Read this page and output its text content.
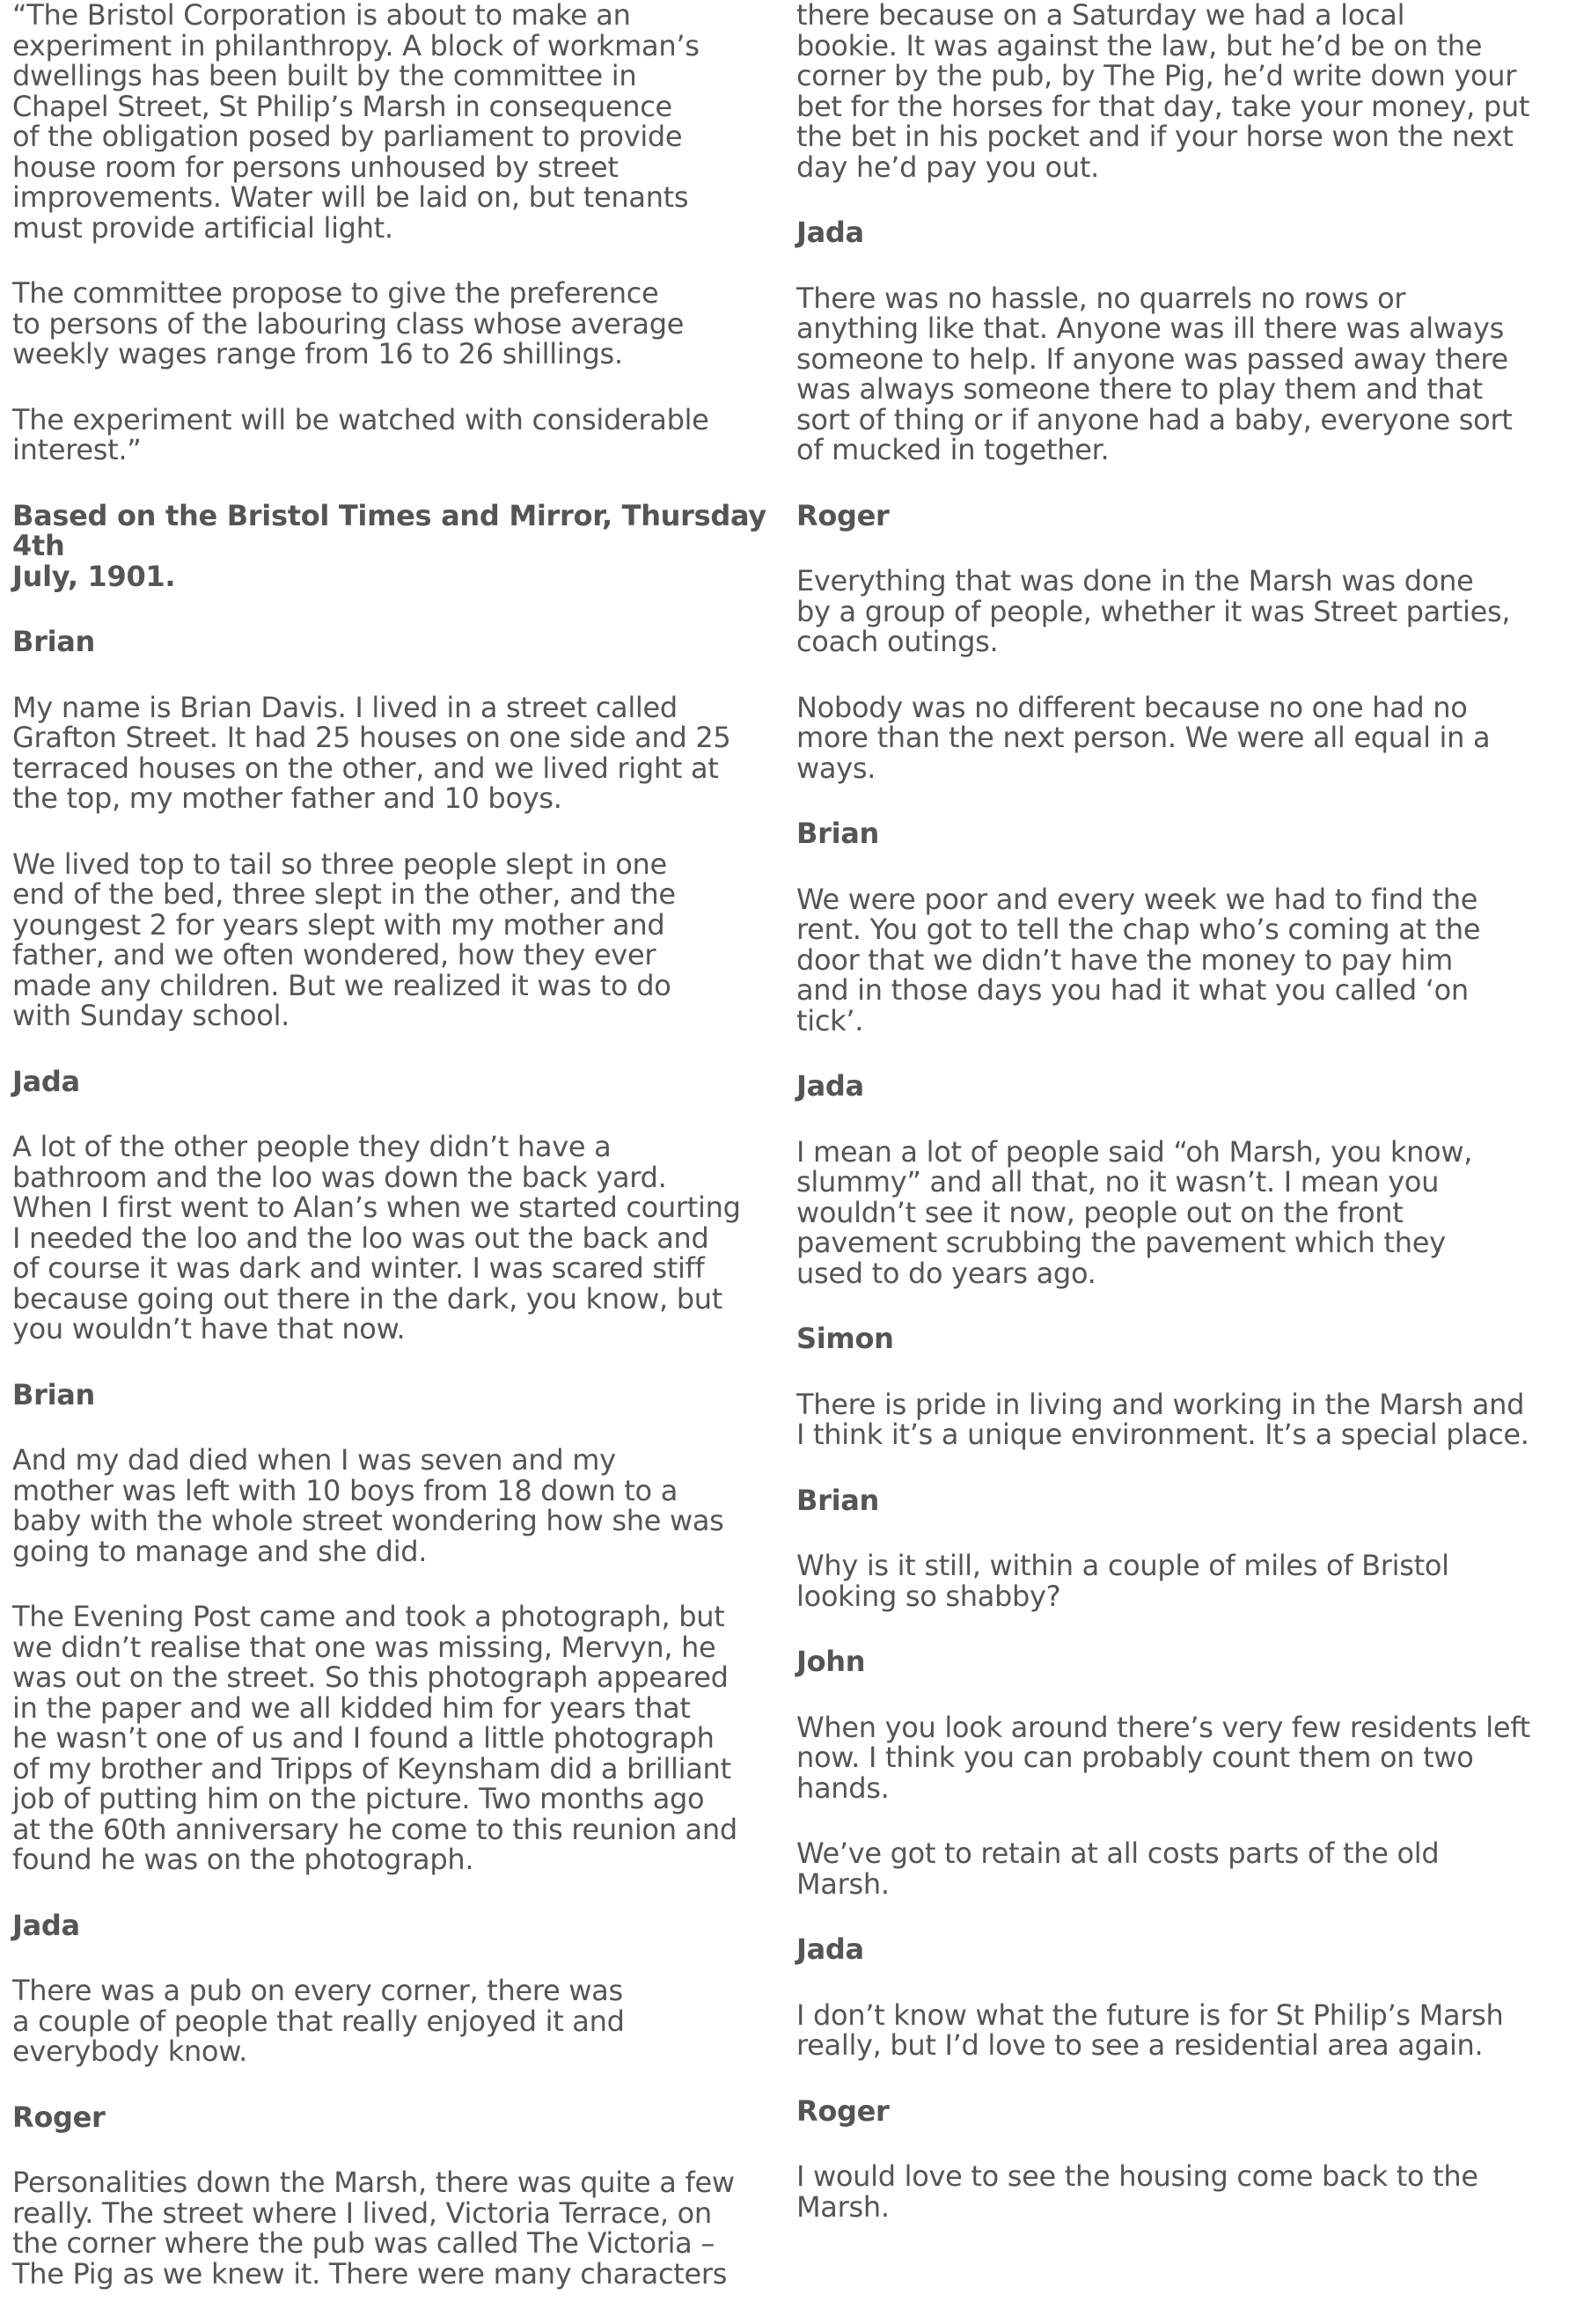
“The Bristol Corporation is about to make an
experiment in philanthropy. A block of workman’s
dwellings has been built by the committee in
Chapel Street, St Philip’s Marsh in consequence
of the obligation posed by parliament to provide
house room for persons unhoused by street
improvements. Water will be laid on, but tenants
must provide artificial light.

The committee propose to give the preference
to persons of the labouring class whose average
weekly wages range from 16 to 26 shillings.

The experiment will be watched with considerable
interest.”

Based on the Bristol Times and Mirror, Thursday 4th
July, 1901.

Brian

My name is Brian Davis. I lived in a street called
Grafton Street. It had 25 houses on one side and 25
terraced houses on the other, and we lived right at
the top, my mother father and 10 boys.

We lived top to tail so three people slept in one
end of the bed, three slept in the other, and the
youngest 2 for years slept with my mother and
father, and we often wondered, how they ever
made any children. But we realized it was to do
with Sunday school.

Jada

A lot of the other people they didn’t have a
bathroom and the loo was down the back yard.
When I first went to Alan’s when we started courting
I needed the loo and the loo was out the back and
of course it was dark and winter. I was scared stiff
because going out there in the dark, you know, but
you wouldn’t have that now.

Brian

And my dad died when I was seven and my
mother was left with 10 boys from 18 down to a
baby with the whole street wondering how she was
going to manage and she did.

The Evening Post came and took a photograph, but
we didn’t realise that one was missing, Mervyn, he
was out on the street. So this photograph appeared
in the paper and we all kidded him for years that
he wasn’t one of us and I found a little photograph
of my brother and Tripps of Keynsham did a brilliant
job of putting him on the picture. Two months ago
at the 60th anniversary he come to this reunion and
found he was on the photograph.

Jada

There was a pub on every corner, there was
a couple of people that really enjoyed it and
everybody know.

Roger

Personalities down the Marsh, there was quite a few
really. The street where I lived, Victoria Terrace, on
the corner where the pub was called The Victoria –
The Pig as we knew it. There were many characters

there because on a Saturday we had a local
bookie. It was against the law, but he’d be on the
corner by the pub, by The Pig, he’d write down your
bet for the horses for that day, take your money, put
the bet in his pocket and if your horse won the next
day he’d pay you out.

Jada

There was no hassle, no quarrels no rows or
anything like that. Anyone was ill there was always
someone to help. If anyone was passed away there
was always someone there to play them and that
sort of thing or if anyone had a baby, everyone sort
of mucked in together.

Roger

Everything that was done in the Marsh was done
by a group of people, whether it was Street parties,
coach outings.

Nobody was no different because no one had no
more than the next person. We were all equal in a
ways.

Brian

We were poor and every week we had to find the
rent. You got to tell the chap who’s coming at the
door that we didn’t have the money to pay him
and in those days you had it what you called ‘on
tick’.

Jada

I mean a lot of people said “oh Marsh, you know,
slummy” and all that, no it wasn’t. I mean you
wouldn’t see it now, people out on the front
pavement scrubbing the pavement which they
used to do years ago.

Simon

There is pride in living and working in the Marsh and
I think it’s a unique environment. It’s a special place.

Brian

Why is it still, within a couple of miles of Bristol
looking so shabby?

John

When you look around there’s very few residents left
now. I think you can probably count them on two
hands.

We’ve got to retain at all costs parts of the old
Marsh.

Jada

I don’t know what the future is for St Philip’s Marsh
really, but I’d love to see a residential area again.

Roger

I would love to see the housing come back to the
Marsh.
